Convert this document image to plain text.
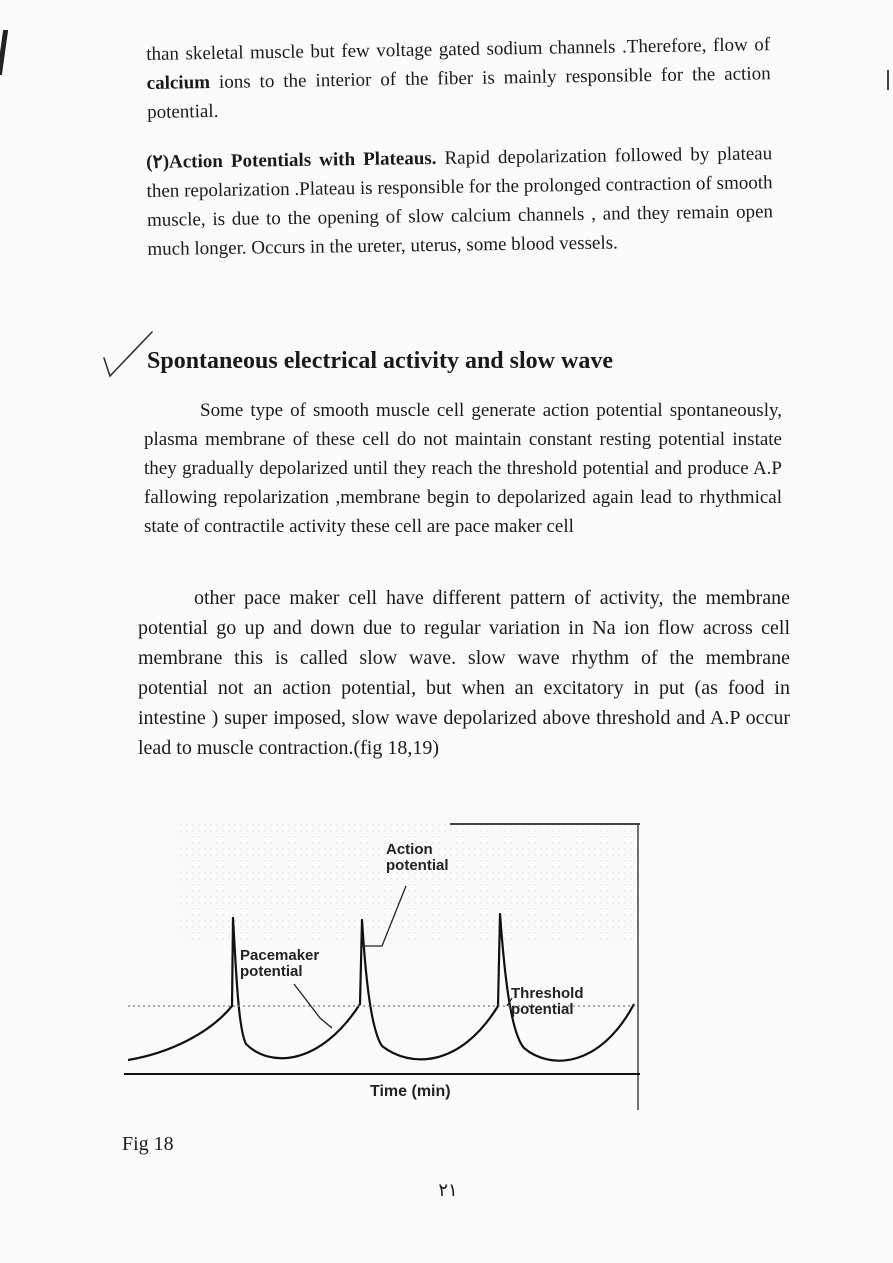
than skeletal muscle but few voltage gated sodium channels .Therefore, flow of calcium ions to the interior of the fiber is mainly responsible for the action potential.

(٢)Action Potentials with Plateaus. Rapid depolarization followed by plateau then repolarization .Plateau is responsible for the prolonged contraction of smooth muscle, is due to the opening of slow calcium channels , and they remain open much longer. Occurs in the ureter, uterus, some blood vessels.

Spontaneous electrical activity and slow wave

Some type of smooth muscle cell generate action potential spontaneously, plasma membrane of these cell do not maintain constant resting potential instate they gradually depolarized until they reach the threshold potential and produce A.P fallowing repolarization ,membrane begin to depolarized again lead to rhythmical state of contractile activity these cell are pace maker cell

other pace maker cell have different pattern of activity, the membrane potential go up and down due to regular variation in Na ion flow across cell membrane this is called slow wave. slow wave rhythm of the membrane potential not an action potential, but when an excitatory in put (as food in intestine ) super imposed, slow wave depolarized above threshold and A.P occur lead to muscle contraction.(fig 18,19)
Action
potential
Pacemaker
potential
Threshold
potential
Time (min)
Fig 18
٢١
